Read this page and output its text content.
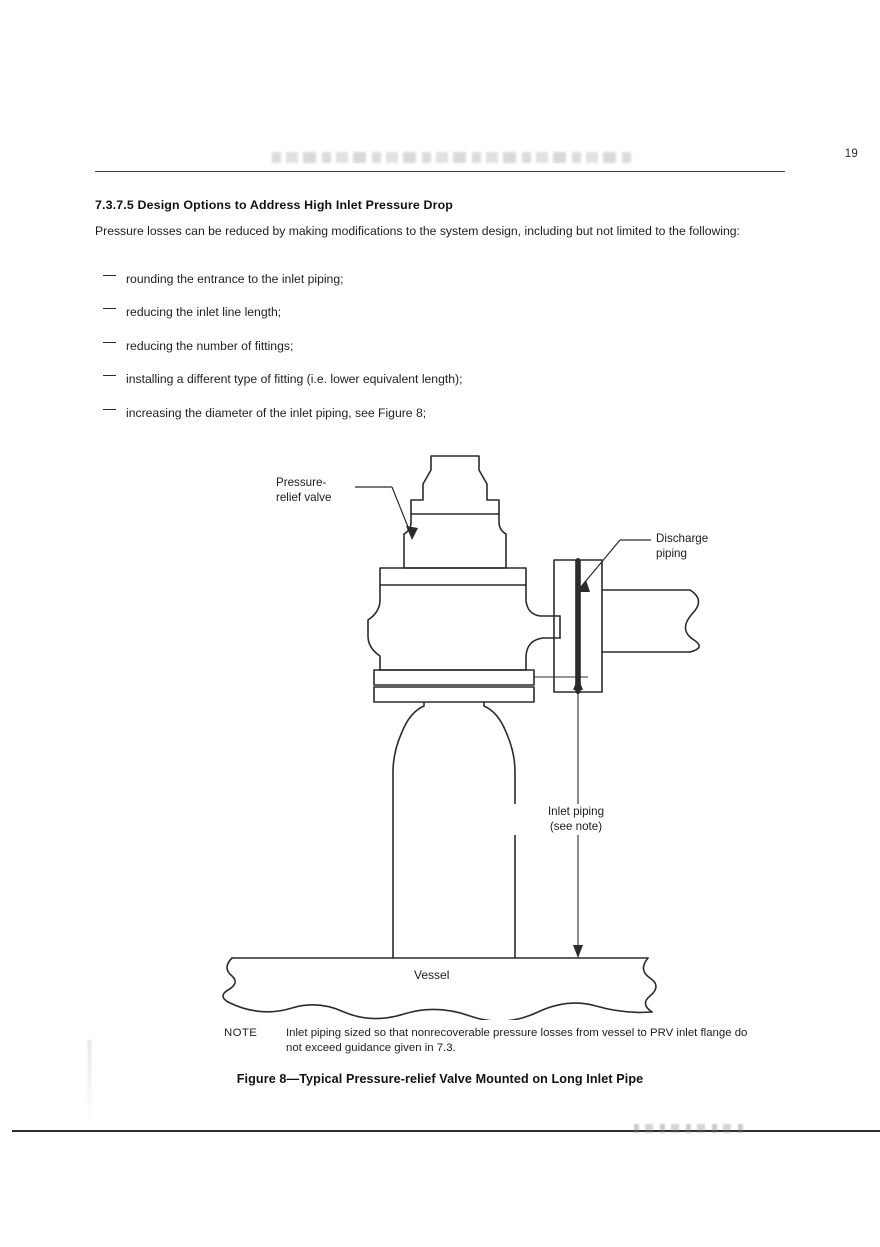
19
7.3.7.5 Design Options to Address High Inlet Pressure Drop
Pressure losses can be reduced by making modifications to the system design, including but not limited to the following:
rounding the entrance to the inlet piping;
reducing the inlet line length;
reducing the number of fittings;
installing a different type of fitting (i.e. lower equivalent length);
increasing the diameter of the inlet piping, see Figure 8;
Pressure-
relief valve
Discharge
piping
Inlet piping
(see note)
Vessel
NOTE	Inlet piping sized so that nonrecoverable pressure losses from vessel to PRV inlet flange do not exceed guidance given in 7.3.
Figure 8—Typical Pressure-relief Valve Mounted on Long Inlet Pipe
